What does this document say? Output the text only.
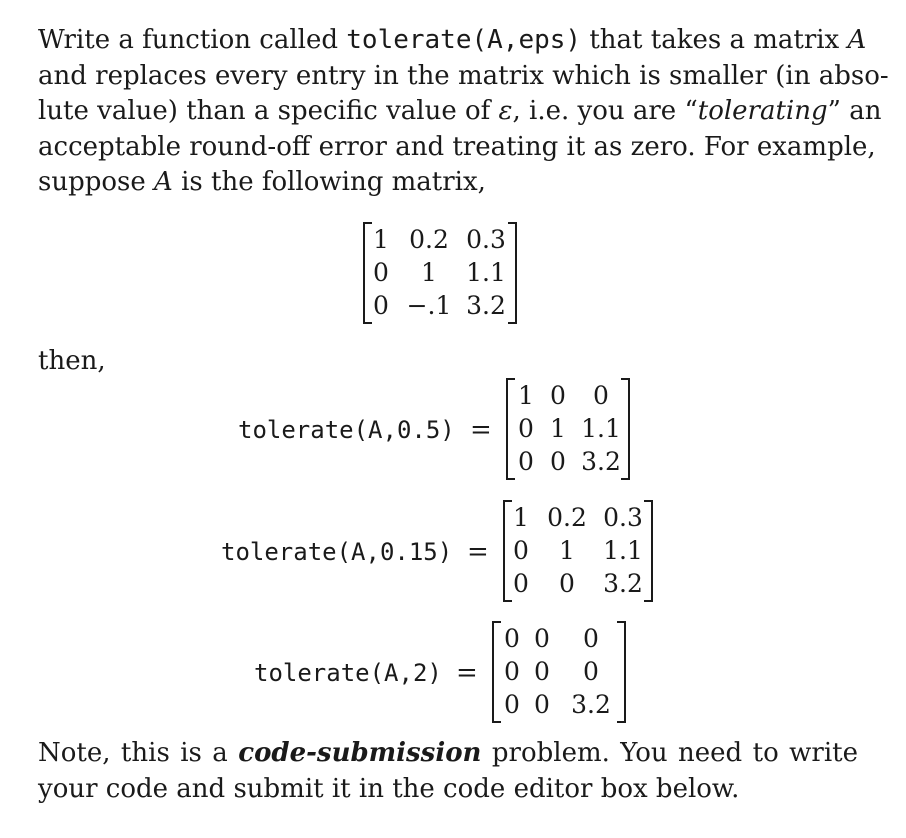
Write a function called tolerate(A,eps) that takes a matrix A
and replaces every entry in the matrix which is smaller (in abso-
lute value) than a specific value of ε, i.e. you are “tolerating” an
acceptable round-off error and treating it as zero. For example,
suppose A is the following matrix,
1 0.2 0.3
0	1	1.1
0 −.1 3.2
then,
tolerate(A,0.5) =
1 0	0
0 1 1.1
0 0 3.2
tolerate(A,0.15) =
1 0.2 0.3
0	1	1.1
0	0	3.2
tolerate(A,2) =
0 0	0
0 0	0
0 0 3.2
Note, this is a code-submission problem. You need to write
your code and submit it in the code editor box below.
